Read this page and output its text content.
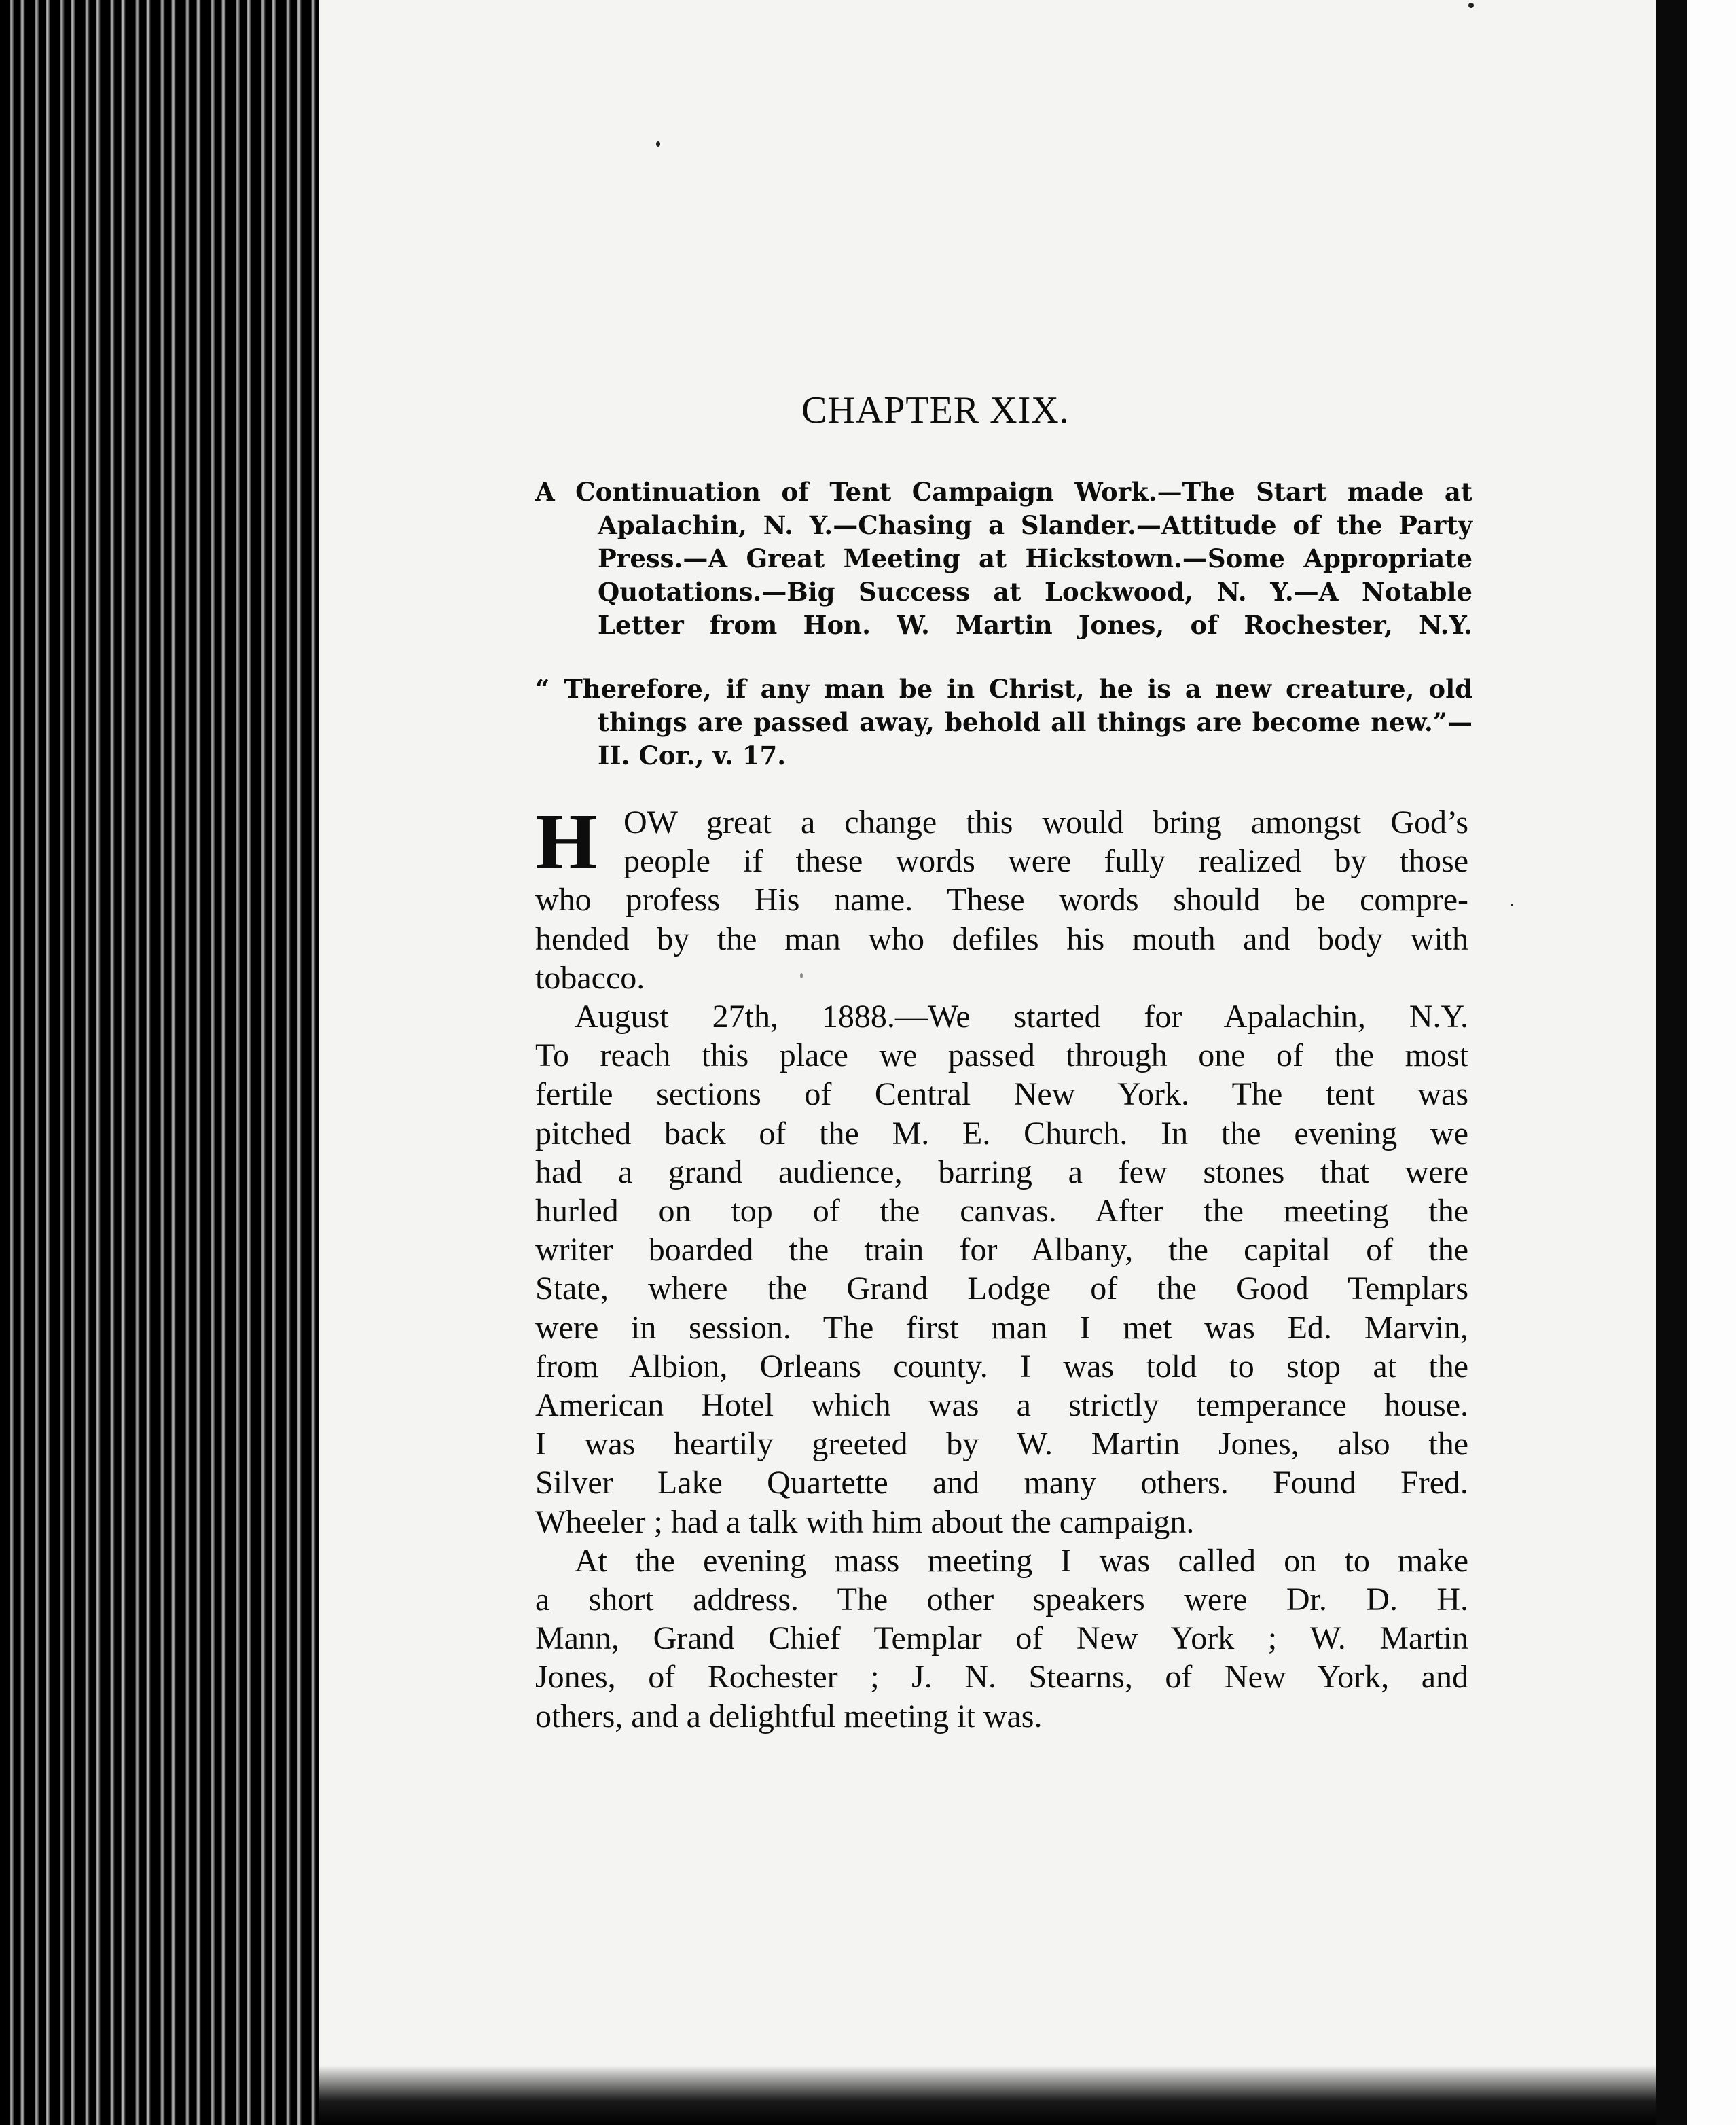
CHAPTER XIX.
A Continuation of Tent Campaign Work.—The Start made at
Apalachin, N. Y.—Chasing a Slander.—Attitude of the Party
Press.—A Great Meeting at Hickstown.—Some Appropriate
Quotations.—Big Success at Lockwood, N. Y.—A Notable
Letter from Hon. W. Martin Jones, of Rochester, N.Y.
“ Therefore, if any man be in Christ, he is a new creature, old
things are passed away, behold all things are become new.”—
II. Cor., v. 17.
H OW great a change this would bring amongst God’s
people if these words were fully realized by those
who profess His name. These words should be compre-
hended by the man who defiles his mouth and body with
tobacco.
August 27th, 1888.—We started for Apalachin, N.Y.
To reach this place we passed through one of the most
fertile sections of Central New York. The tent was
pitched back of the M. E. Church. In the evening we
had a grand audience, barring a few stones that were
hurled on top of the canvas. After the meeting the
writer boarded the train for Albany, the capital of the
State, where the Grand Lodge of the Good Templars
were in session. The first man I met was Ed. Marvin,
from Albion, Orleans county. I was told to stop at the
American Hotel which was a strictly temperance house.
I was heartily greeted by W. Martin Jones, also the
Silver Lake Quartette and many others. Found Fred.
Wheeler ; had a talk with him about the campaign.
At the evening mass meeting I was called on to make
a short address. The other speakers were Dr. D. H.
Mann, Grand Chief Templar of New York ; W. Martin
Jones, of Rochester ; J. N. Stearns, of New York, and
others, and a delightful meeting it was.
